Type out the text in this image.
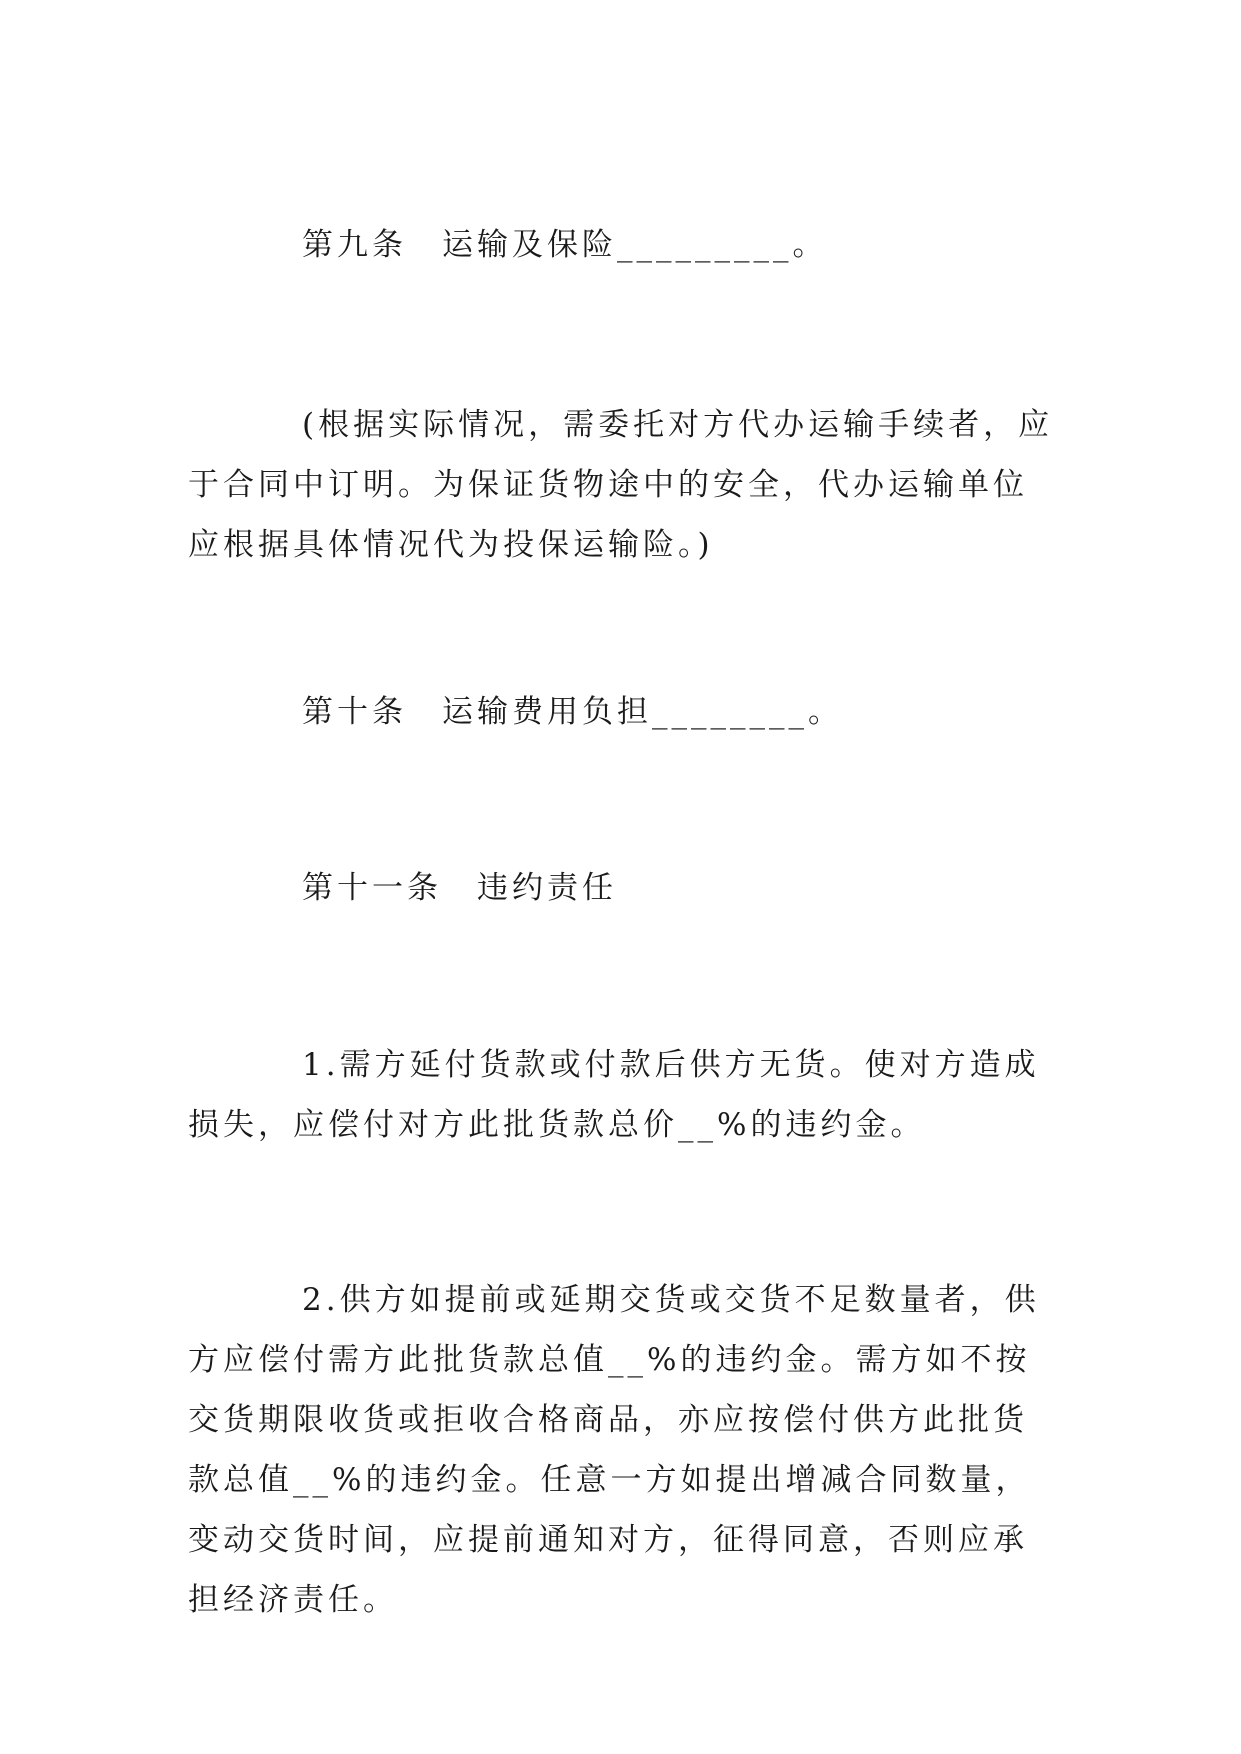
第九条　运输及保险_________。

(根据实际情况，需委托对方代办运输手续者，应于合同中订明。为保证货物途中的安全，代办运输单位应根据具体情况代为投保运输险。)

第十条　运输费用负担________。

第十一条　违约责任

1.需方延付货款或付款后供方无货。使对方造成损失，应偿付对方此批货款总价__%的违约金。

2.供方如提前或延期交货或交货不足数量者，供方应偿付需方此批货款总值__%的违约金。需方如不按交货期限收货或拒收合格商品，亦应按偿付供方此批货款总值__%的违约金。任意一方如提出增减合同数量，变动交货时间，应提前通知对方，征得同意，否则应承担经济责任。
